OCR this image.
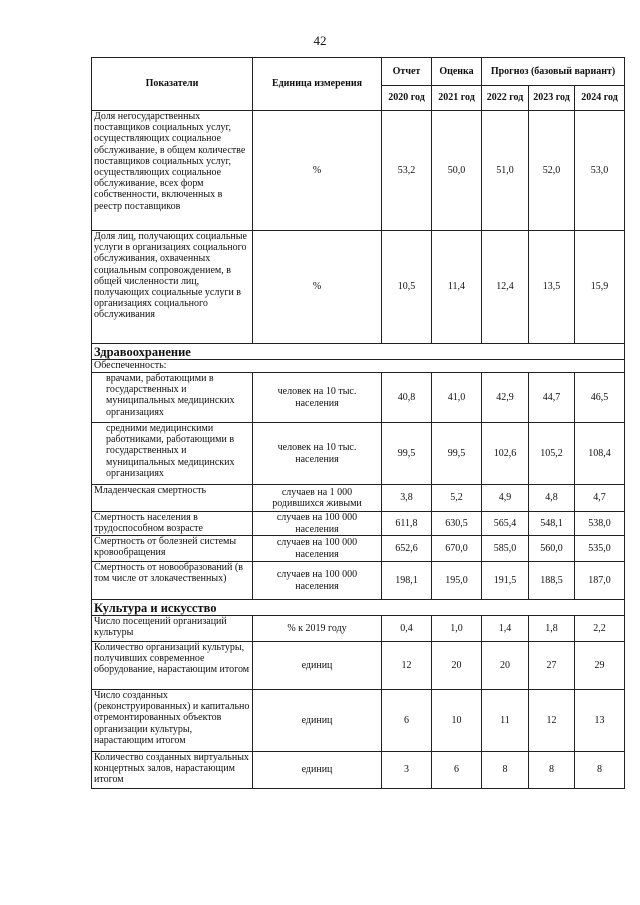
42
Показатели	Единица измерения	Отчет	Оценка	Прогноз (базовый вариант)		
		2020 год	2021 год	2022 год	2023 год	2024 год
Доля негосударственных поставщиков социальных услуг, осуществляющих социальное обслуживание, в общем количестве поставщиков социальных услуг, осуществляющих социальное обслуживание, всех форм собственности, включенных в реестр поставщиков	%	53,2	50,0	51,0	52,0	53,0
Доля лиц, получающих социальные услуги в организациях социального обслуживания, охваченных социальным сопровождением, в общей численности лиц, получающих социальные услуги в организациях социального обслуживания	%	10,5	11,4	12,4	13,5	15,9
Здравоохранение						
Обеспеченность:						
врачами, работающими в государственных и муниципальных медицинских организациях	человек на 10 тыс. населения	40,8	41,0	42,9	44,7	46,5
средними медицинскими работниками, работающими в государственных и муниципальных медицинских организациях	человек на 10 тыс. населения	99,5	99,5	102,6	105,2	108,4
Младенческая смертность	случаев на 1 000 родившихся живыми	3,8	5,2	4,9	4,8	4,7
Смертность населения в трудоспособном возрасте	случаев на 100 000 населения	611,8	630,5	565,4	548,1	538,0
Смертность от болезней системы кровообращения	случаев на 100 000 населения	652,6	670,0	585,0	560,0	535,0
Смертность от новообразований (в том числе от злокачественных)	случаев на 100 000 населения	198,1	195,0	191,5	188,5	187,0
Культура и искусство						
Число посещений организаций культуры	% к 2019 году	0,4	1,0	1,4	1,8	2,2
Количество организаций культуры, получивших современное оборудование, нарастающим итогом	единиц	12	20	20	27	29
Число созданных (реконструированных) и капитально отремонтированных объектов организации культуры, нарастающим итогом	единиц	6	10	11	12	13
Количество созданных виртуальных концертных залов, нарастающим итогом	единиц	3	6	8	8	8
